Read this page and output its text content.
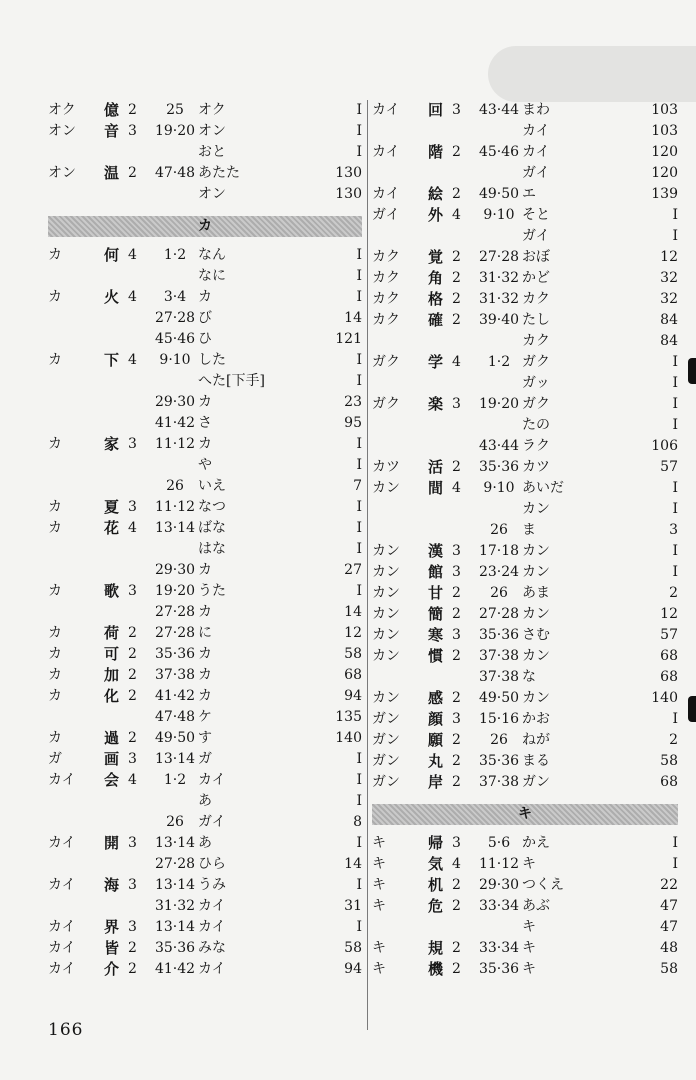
オク 億 2	25	オク	I
オン 音 3	19·20 オン	I
おと	I
オン 温 2	47·48 あたた	130
オン	130
カ
カ	何 4	1·2 なん	I
なに	I
カ	火 4	3·4 カ	I
27·28 び	14
45·46 ひ	121
カ	下 4	9·10 した	I
へた[下手]	I
29·30 カ	23
41·42 さ	95
カ	家 3	11·12 カ	I
や	I
26	いえ	7
カ	夏 3	11·12 なつ	I
カ	花 4	13·14 ばな	I
はな	I
29·30 カ	27
カ	歌 3	19·20 うた	I
27·28 カ	14
カ	荷 2	27·28 に	12
カ	可 2	35·36 カ	58
カ	加 2	37·38 カ	68
カ	化 2	41·42 カ	94
47·48 ケ	135
カ	過 2	49·50 す	140
ガ	画 3	13·14 ガ	I
カイ 会 4	1·2 カイ	I
あ	I
26	ガイ	8
カイ 開 3	13·14 あ	I
27·28 ひら	14
カイ 海 3	13·14 うみ	I
31·32 カイ	31
カイ 界 3	13·14 カイ	I
カイ 皆 2	35·36 みな	58
カイ 介 2	41·42 カイ	94
カイ 回 3	43·44 まわ	103
カイ	103
カイ 階 2	45·46 カイ	120
ガイ	120
カイ 絵 2	49·50 エ	139
ガイ 外 4	9·10 そと	I
ガイ	I
カク 覚 2	27·28 おぼ	12
カク 角 2	31·32 かど	32
カク 格 2	31·32 カク	32
カク 確 2	39·40 たし	84
カク	84
ガク 学 4	1·2 ガク	I
ガッ	I
ガク 楽 3	19·20 ガク	I
たの	I
43·44 ラク	106
カツ 活 2	35·36 カツ	57
カン 間 4	9·10 あいだ	I
カン	I
26	ま	3
カン 漢 3	17·18 カン	I
カン 館 3	23·24 カン	I
カン 甘 2	26	あま	2
カン 簡 2	27·28 カン	12
カン 寒 3	35·36 さむ	57
カン 慣 2	37·38 カン	68
37·38 な	68
カン 感 2	49·50 カン	140
ガン 顔 3	15·16 かお	I
ガン 願 2	26	ねが	2
ガン 丸 2	35·36 まる	58
ガン 岸 2	37·38 ガン	68
キ
キ	帰 3	5·6 かえ	I
キ	気 4	11·12 キ	I
キ	机 2	29·30 つくえ	22
キ	危 2	33·34 あぶ	47
キ	47
キ	規 2	33·34 キ	48
キ	機 2	35·36 キ	58
166
